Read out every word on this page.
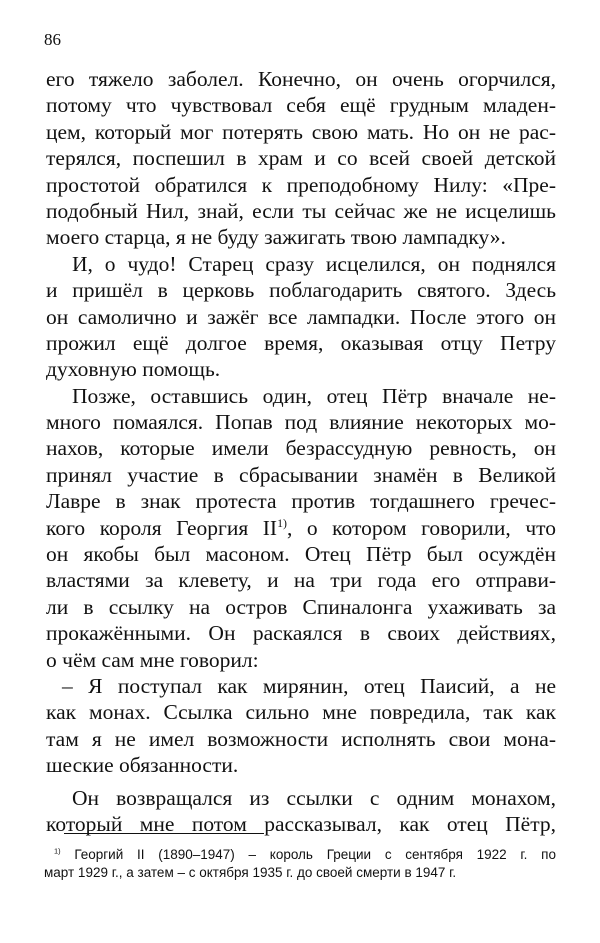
86
его тяжело заболел. Конечно, он очень огорчился,
потому что чувствовал себя ещё грудным младен-
цем, который мог потерять свою мать. Но он не рас-
терялся, поспешил в храм и со всей своей детской
простотой обратился к преподобному Нилу: «Пре-
подобный Нил, знай, если ты сейчас же не исцелишь
моего старца, я не буду зажигать твою лампадку».
И, о чудо! Старец сразу исцелился, он поднялся
и пришёл в церковь поблагодарить святого. Здесь
он самолично и зажёг все лампадки. После этого он
прожил ещё долгое время, оказывая отцу Петру
духовную помощь.
Позже, оставшись один, отец Пётр вначале не-
много помаялся. Попав под влияние некоторых мо-
нахов, которые имели безрассудную ревность, он
принял участие в сбрасывании знамён в Великой
Лавре в знак протеста против тогдашнего гречес-
кого короля Георгия II$^{1)}$, о котором говорили, что
он якобы был масоном. Отец Пётр был осуждён
властями за клевету, и на три года его отправи-
ли в ссылку на остров Спиналонга ухаживать за
прокажёнными. Он раскаялся в своих действиях,
о чём сам мне говорил:
– Я поступал как мирянин, отец Паисий, а не
как монах. Ссылка сильно мне повредила, так как
там я не имел возможности исполнять свои мона-
шеские обязанности.
Он возвращался из ссылки с одним монахом,
который мне потом рассказывал, как отец Пётр,
$^{1)}$ Георгий II (1890–1947) – король Греции с сентября 1922 г. по
март 1929 г., а затем – с октября 1935 г. до своей смерти в 1947 г.
